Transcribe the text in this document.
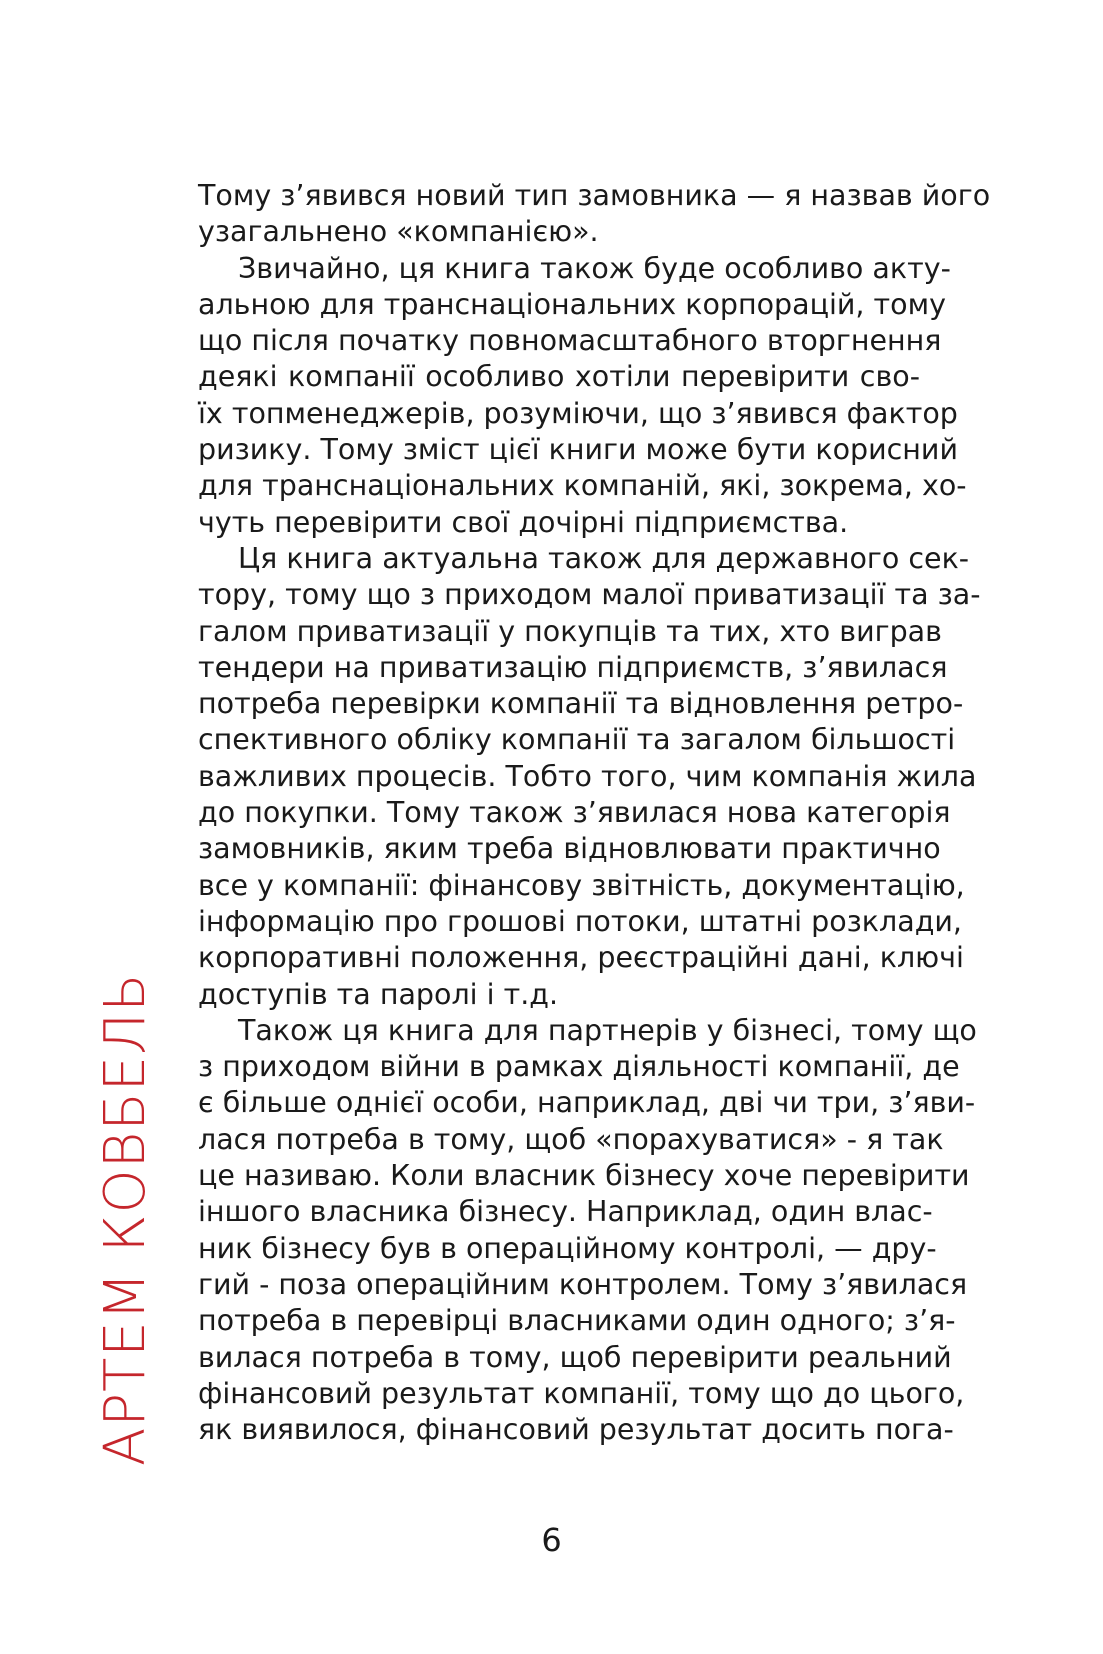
АРТЕМ КОВБЕЛЬ
Тому з’явився новий тип замовника — я назвав його
узагальнено «компанією».
Звичайно, ця книга також буде особливо акту-
альною для транснаціональних корпорацій, тому
що після початку повномасштабного вторгнення
деякі компанії особливо хотіли перевірити сво-
їх топменеджерів, розуміючи, що з’явився фактор
ризику. Тому зміст цієї книги може бути корисний
для транснаціональних компаній, які, зокрема, хо-
чуть перевірити свої дочірні підприємства.
Ця книга актуальна також для державного сек-
тору, тому що з приходом малої приватизації та за-
галом приватизації у покупців та тих, хто виграв
тендери на приватизацію підприємств, з’явилася
потреба перевірки компанії та відновлення ретро-
спективного обліку компанії та загалом більшості
важливих процесів. Тобто того, чим компанія жила
до покупки. Тому також з’явилася нова категорія
замовників, яким треба відновлювати практично
все у компанії: фінансову звітність, документацію,
інформацію про грошові потоки, штатні розклади,
корпоративні положення, реєстраційні дані, ключі
доступів та паролі і т.д.
Також ця книга для партнерів у бізнесі, тому що
з приходом війни в рамках діяльності компанії, де
є більше однієї особи, наприклад, дві чи три, з’яви-
лася потреба в тому, щоб «порахуватися» - я так
це називаю. Коли власник бізнесу хоче перевірити
іншого власника бізнесу. Наприклад, один влас-
ник бізнесу був в операційному контролі, — дру-
гий - поза операційним контролем. Тому з’явилася
потреба в перевірці власниками один одного; з’я-
вилася потреба в тому, щоб перевірити реальний
фінансовий результат компанії, тому що до цього,
як виявилося, фінансовий результат досить пога-
6
